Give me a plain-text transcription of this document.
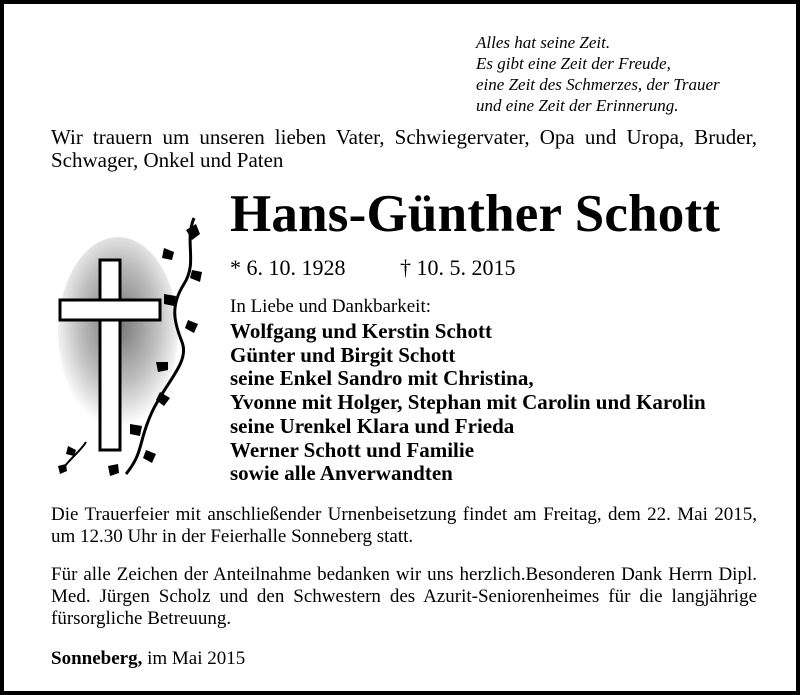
Alles hat seine Zeit.
Es gibt eine Zeit der Freude,
eine Zeit des Schmerzes, der Trauer
und eine Zeit der Erinnerung.
Wir trauern um unseren lieben Vater, Schwiegervater, Opa und Uropa, Bruder, Schwager, Onkel und Paten
Hans-Günther Schott
* 6. 10. 1928 † 10. 5. 2015
In Liebe und Dankbarkeit:
Wolfgang und Kerstin Schott
Günter und Birgit Schott
seine Enkel Sandro mit Christina,
Yvonne mit Holger, Stephan mit Carolin und Karolin
seine Urenkel Klara und Frieda
Werner Schott und Familie
sowie alle Anverwandten
Die Trauerfeier mit anschließender Urnenbeisetzung findet am Freitag, dem 22. Mai 2015, um 12.30 Uhr in der Feierhalle Sonneberg statt.
Für alle Zeichen der Anteilnahme bedanken wir uns herzlich.Besonderen Dank Herrn Dipl. Med. Jürgen Scholz und den Schwestern des Azurit-Seniorenheimes für die langjährige fürsorgliche Betreuung.
Sonneberg, im Mai 2015
